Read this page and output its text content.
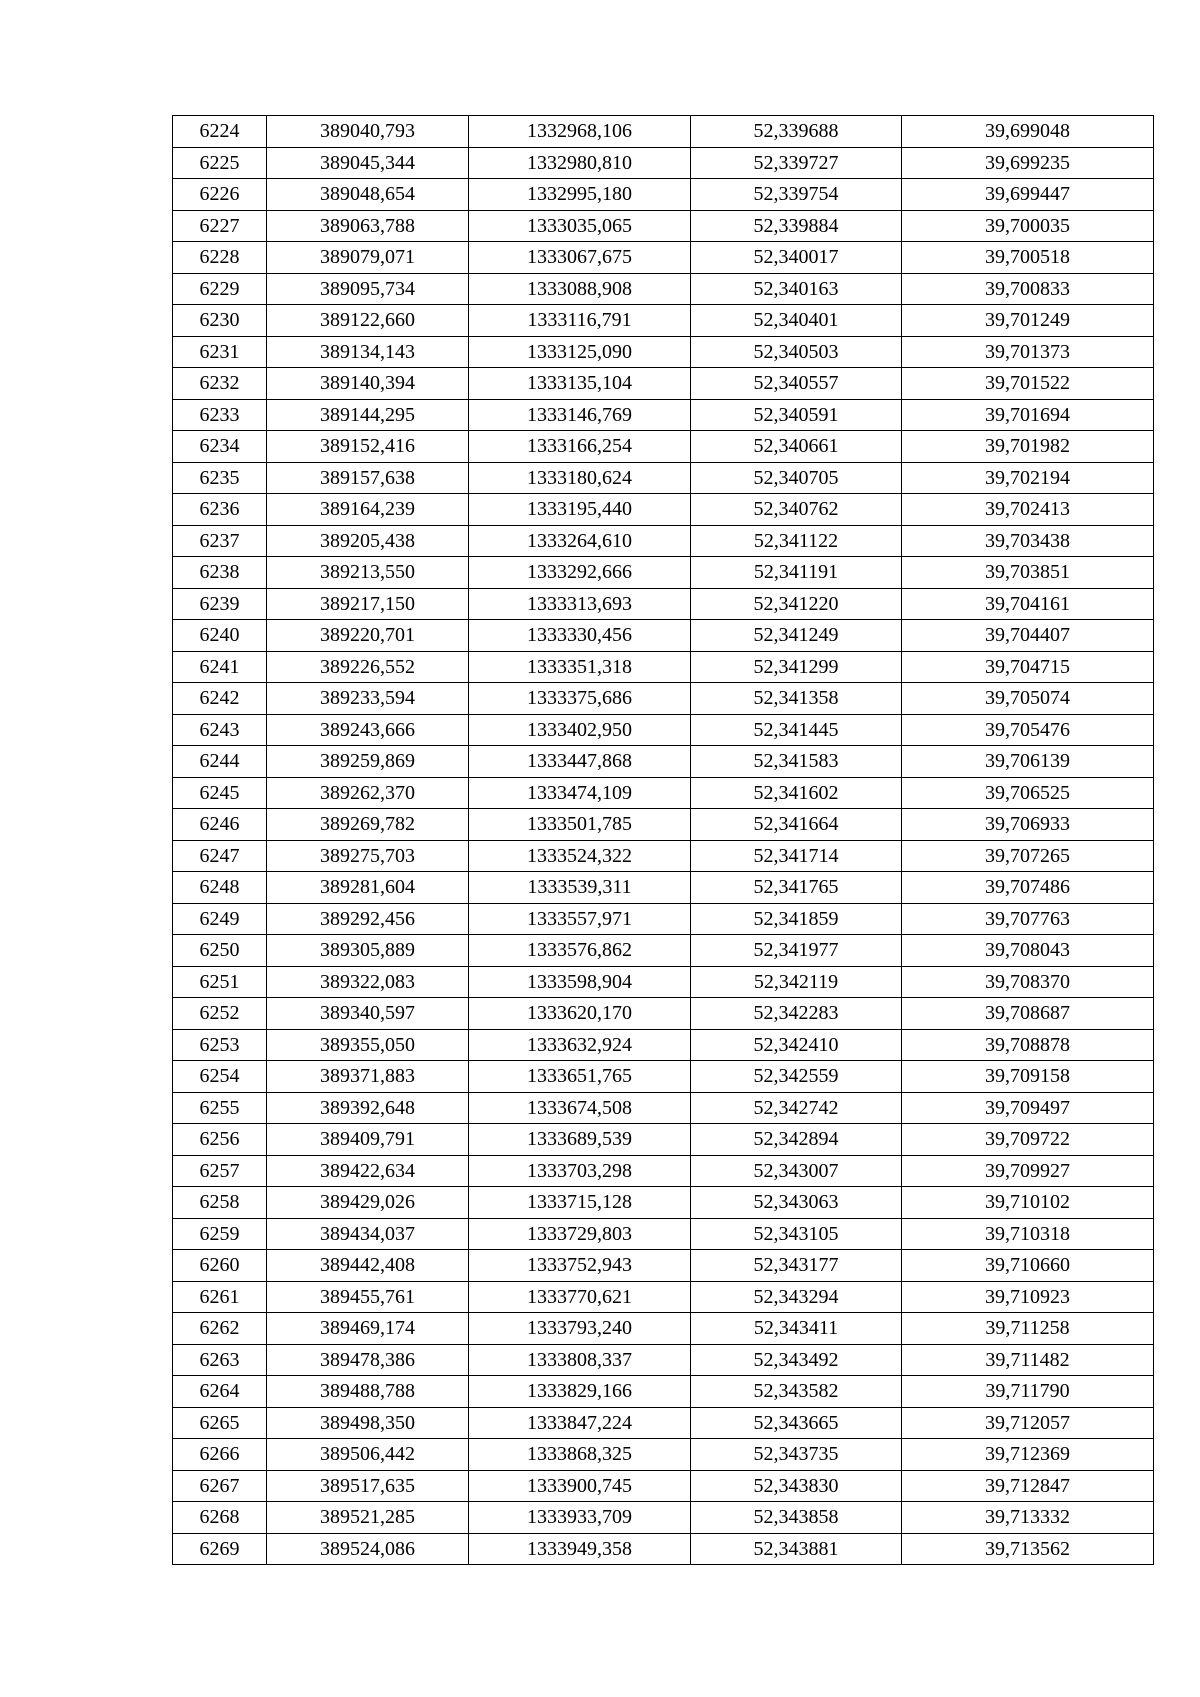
6224	389040,793	1332968,106	52,339688	39,699048
6225	389045,344	1332980,810	52,339727	39,699235
6226	389048,654	1332995,180	52,339754	39,699447
6227	389063,788	1333035,065	52,339884	39,700035
6228	389079,071	1333067,675	52,340017	39,700518
6229	389095,734	1333088,908	52,340163	39,700833
6230	389122,660	1333116,791	52,340401	39,701249
6231	389134,143	1333125,090	52,340503	39,701373
6232	389140,394	1333135,104	52,340557	39,701522
6233	389144,295	1333146,769	52,340591	39,701694
6234	389152,416	1333166,254	52,340661	39,701982
6235	389157,638	1333180,624	52,340705	39,702194
6236	389164,239	1333195,440	52,340762	39,702413
6237	389205,438	1333264,610	52,341122	39,703438
6238	389213,550	1333292,666	52,341191	39,703851
6239	389217,150	1333313,693	52,341220	39,704161
6240	389220,701	1333330,456	52,341249	39,704407
6241	389226,552	1333351,318	52,341299	39,704715
6242	389233,594	1333375,686	52,341358	39,705074
6243	389243,666	1333402,950	52,341445	39,705476
6244	389259,869	1333447,868	52,341583	39,706139
6245	389262,370	1333474,109	52,341602	39,706525
6246	389269,782	1333501,785	52,341664	39,706933
6247	389275,703	1333524,322	52,341714	39,707265
6248	389281,604	1333539,311	52,341765	39,707486
6249	389292,456	1333557,971	52,341859	39,707763
6250	389305,889	1333576,862	52,341977	39,708043
6251	389322,083	1333598,904	52,342119	39,708370
6252	389340,597	1333620,170	52,342283	39,708687
6253	389355,050	1333632,924	52,342410	39,708878
6254	389371,883	1333651,765	52,342559	39,709158
6255	389392,648	1333674,508	52,342742	39,709497
6256	389409,791	1333689,539	52,342894	39,709722
6257	389422,634	1333703,298	52,343007	39,709927
6258	389429,026	1333715,128	52,343063	39,710102
6259	389434,037	1333729,803	52,343105	39,710318
6260	389442,408	1333752,943	52,343177	39,710660
6261	389455,761	1333770,621	52,343294	39,710923
6262	389469,174	1333793,240	52,343411	39,711258
6263	389478,386	1333808,337	52,343492	39,711482
6264	389488,788	1333829,166	52,343582	39,711790
6265	389498,350	1333847,224	52,343665	39,712057
6266	389506,442	1333868,325	52,343735	39,712369
6267	389517,635	1333900,745	52,343830	39,712847
6268	389521,285	1333933,709	52,343858	39,713332
6269	389524,086	1333949,358	52,343881	39,713562
